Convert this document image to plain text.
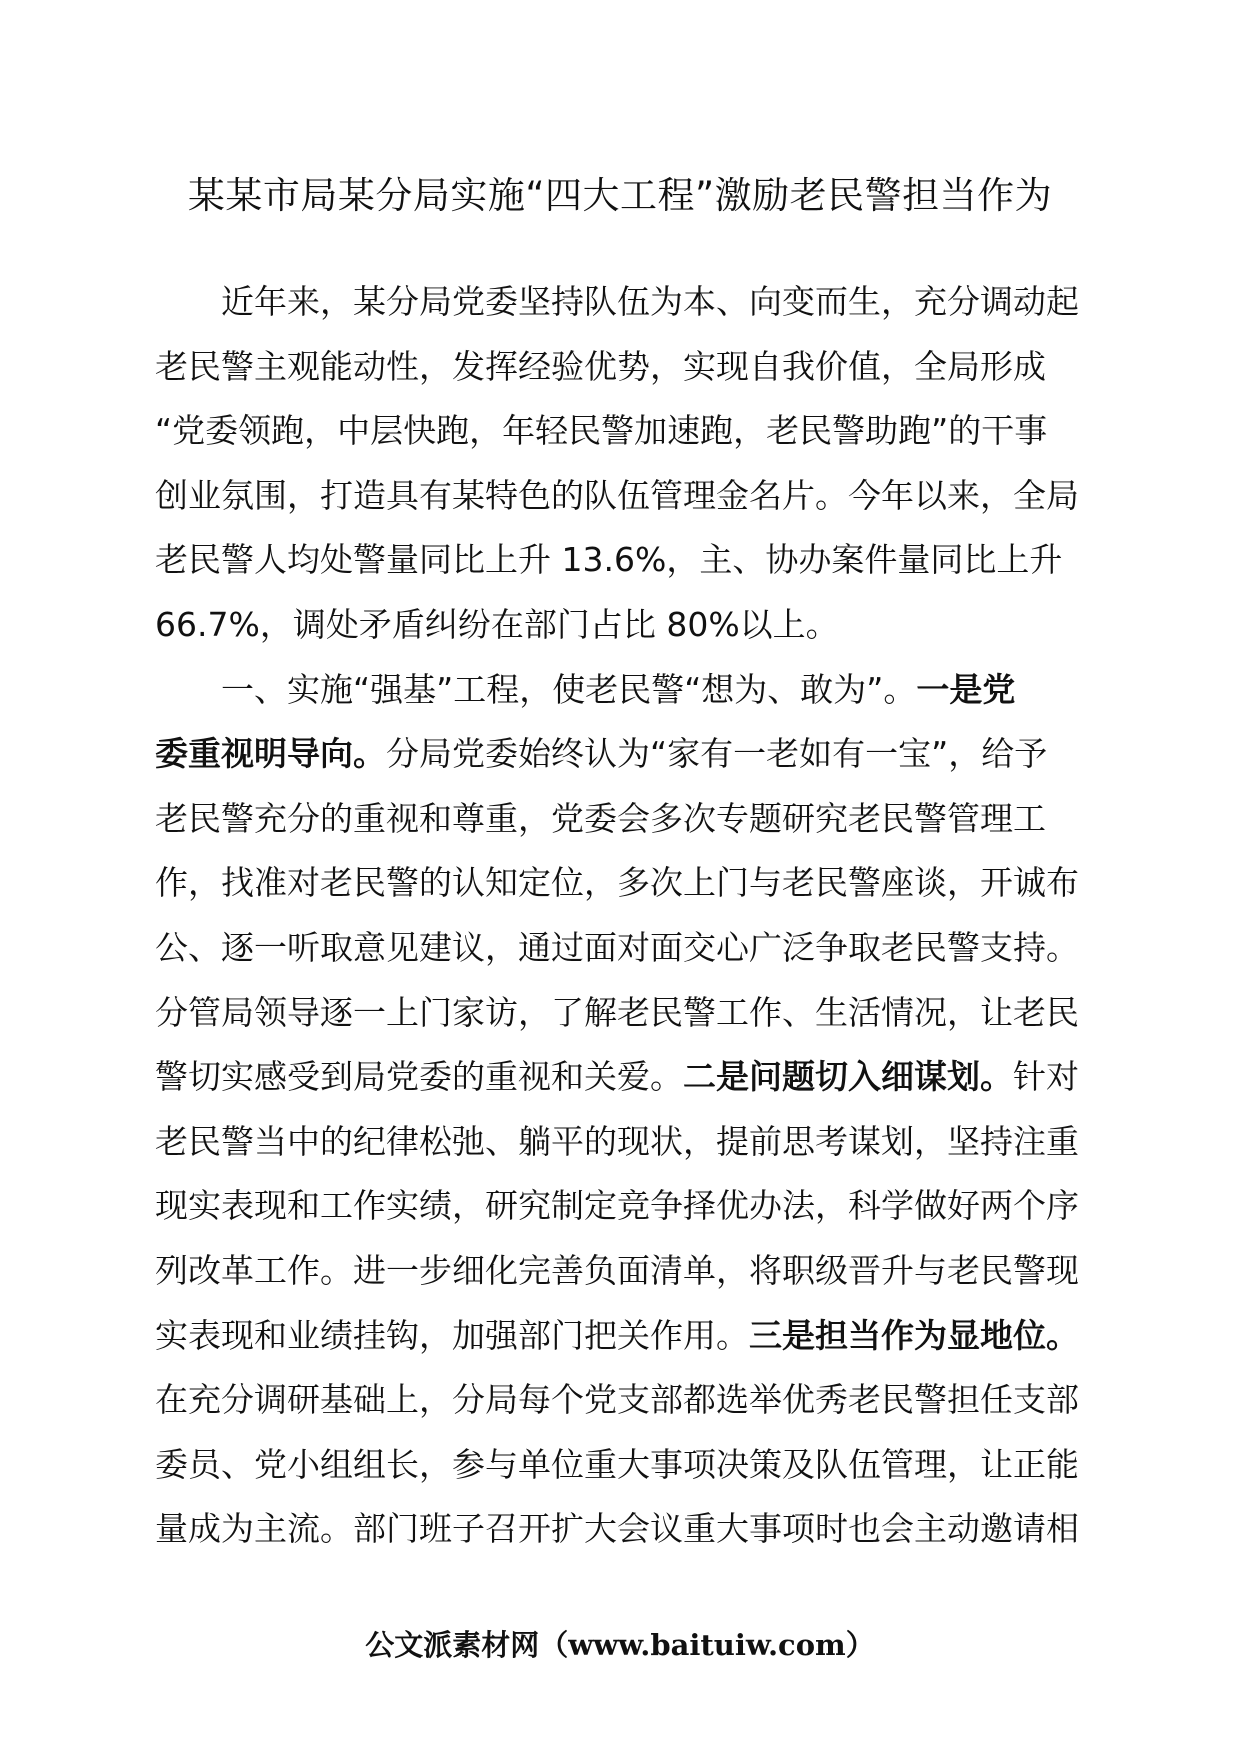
某某市局某分局实施“四大工程”激励老民警担当作为
近年来，某分局党委坚持队伍为本、向变而生，充分调动起
老民警主观能动性，发挥经验优势，实现自我价值，全局形成
“党委领跑，中层快跑，年轻民警加速跑，老民警助跑”的干事
创业氛围，打造具有某特色的队伍管理金名片。今年以来，全局
老民警人均处警量同比上升 13.6%，主、协办案件量同比上升
66.7%，调处矛盾纠纷在部门占比 80%以上。
一、实施“强基”工程，使老民警“想为、敢为”。一是党
委重视明导向。分局党委始终认为“家有一老如有一宝”，给予
老民警充分的重视和尊重，党委会多次专题研究老民警管理工
作，找准对老民警的认知定位，多次上门与老民警座谈，开诚布
公、逐一听取意见建议，通过面对面交心广泛争取老民警支持。
分管局领导逐一上门家访，了解老民警工作、生活情况，让老民
警切实感受到局党委的重视和关爱。二是问题切入细谋划。针对
老民警当中的纪律松弛、躺平的现状，提前思考谋划，坚持注重
现实表现和工作实绩，研究制定竞争择优办法，科学做好两个序
列改革工作。进一步细化完善负面清单，将职级晋升与老民警现
实表现和业绩挂钩，加强部门把关作用。三是担当作为显地位。
在充分调研基础上，分局每个党支部都选举优秀老民警担任支部
委员、党小组组长，参与单位重大事项决策及队伍管理，让正能
量成为主流。部门班子召开扩大会议重大事项时也会主动邀请相
公文派素材网（www.baituiw.com）
